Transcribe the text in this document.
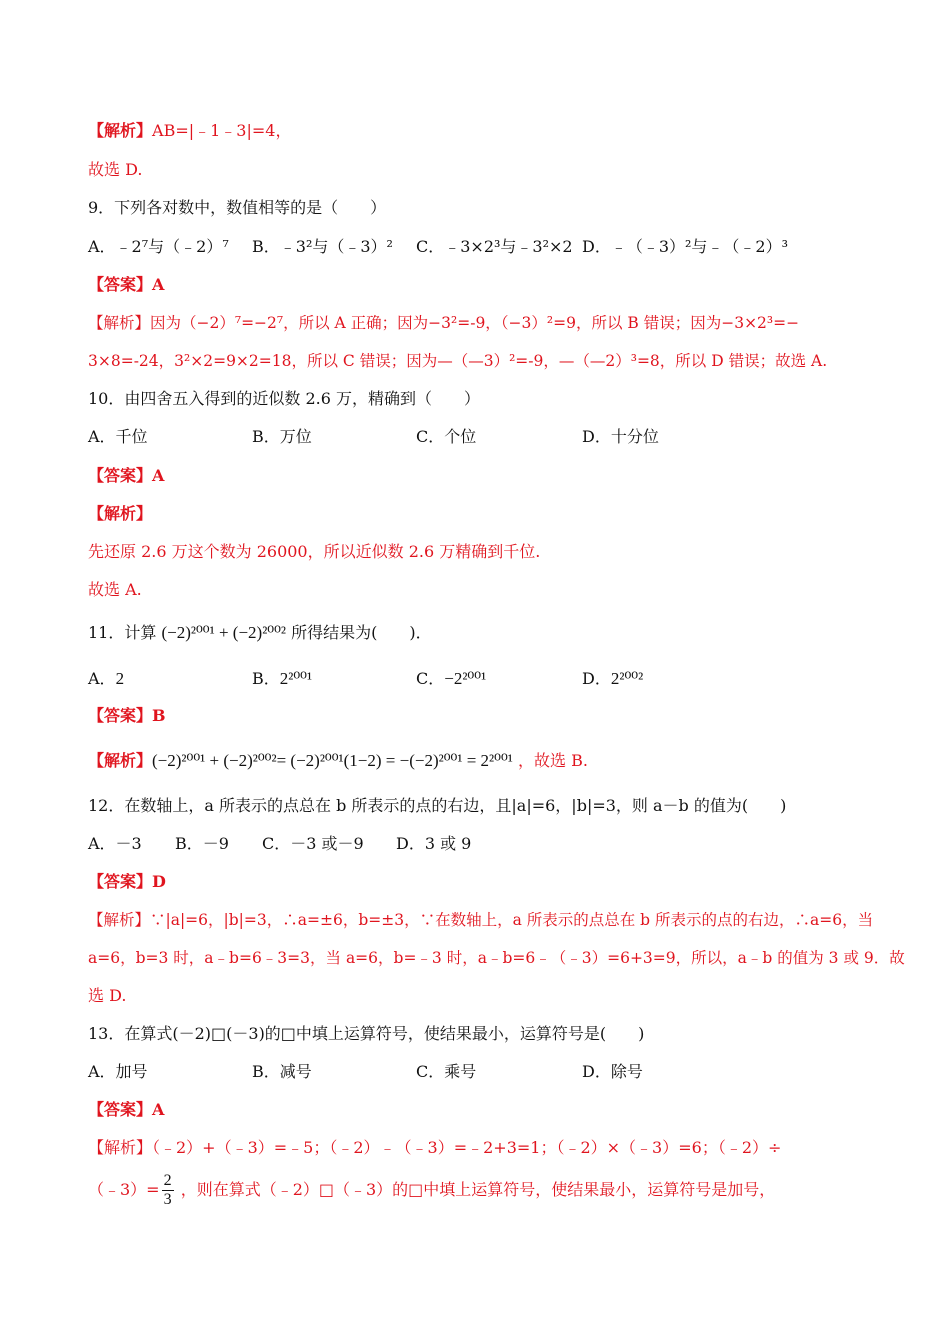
【解析】AB=|﹣1﹣3|=4，
故选 D.
9．下列各对数中，数值相等的是（　　）
A．﹣2⁷与（﹣2）⁷ B．﹣3²与（﹣3）² C．﹣3×2³与﹣3²×2 D．﹣（﹣3）²与﹣（﹣2）³
【答案】A
【解析】因为（−2）⁷=−2⁷，所以 A 正确；因为−3²=-9，（−3）²=9，所以 B 错误；因为−3×2³=−
3×8=-24，3²×2=9×2=18，所以 C 错误；因为—（—3）²=-9，—（—2）³=8，所以 D 错误；故选 A.
10．由四舍五入得到的近似数 2.6 万，精确到（　　）
A．千位	B．万位	C．个位	D．十分位
【答案】A
【解析】
先还原 2.6 万这个数为 26000，所以近似数 2.6 万精确到千位.
故选 A.
11．计算 (−2)²⁰⁰¹ + (−2)²⁰⁰² 所得结果为(　　)．
A．2	B．2²⁰⁰¹	C．−2²⁰⁰¹	D．2²⁰⁰²
【答案】B
【解析】(−2)²⁰⁰¹ + (−2)²⁰⁰²= (−2)²⁰⁰¹(1−2) = −(−2)²⁰⁰¹ = 2²⁰⁰¹ ，故选 B.
12．在数轴上，a 所表示的点总在 b 所表示的点的右边，且|a|=6，|b|=3，则 a－b 的值为(　　)
A．－3 B．－9 C．－3 或－9 D．3 或 9
【答案】D
【解析】∵|a|=6，|b|=3，∴a=±6，b=±3，∵在数轴上，a 所表示的点总在 b 所表示的点的右边，∴a=6，当
a=6，b=3 时，a﹣b=6﹣3=3，当 a=6，b=﹣3 时，a﹣b=6﹣（﹣3）=6+3=9，所以，a﹣b 的值为 3 或 9．故
选 D.
13．在算式(－2)□(－3)的□中填上运算符号，使结果最小，运算符号是(　　)
A．加号	B．减号	C．乘号	D．除号
【答案】A
【解析】（﹣2）+（﹣3）=﹣5；（﹣2）﹣（﹣3）=﹣2+3=1；（﹣2）×（﹣3）=6；（﹣2）÷
（﹣3）= $\frac{2}{3}$ ，则在算式（﹣2）□（﹣3）的□中填上运算符号，使结果最小，运算符号是加号，
